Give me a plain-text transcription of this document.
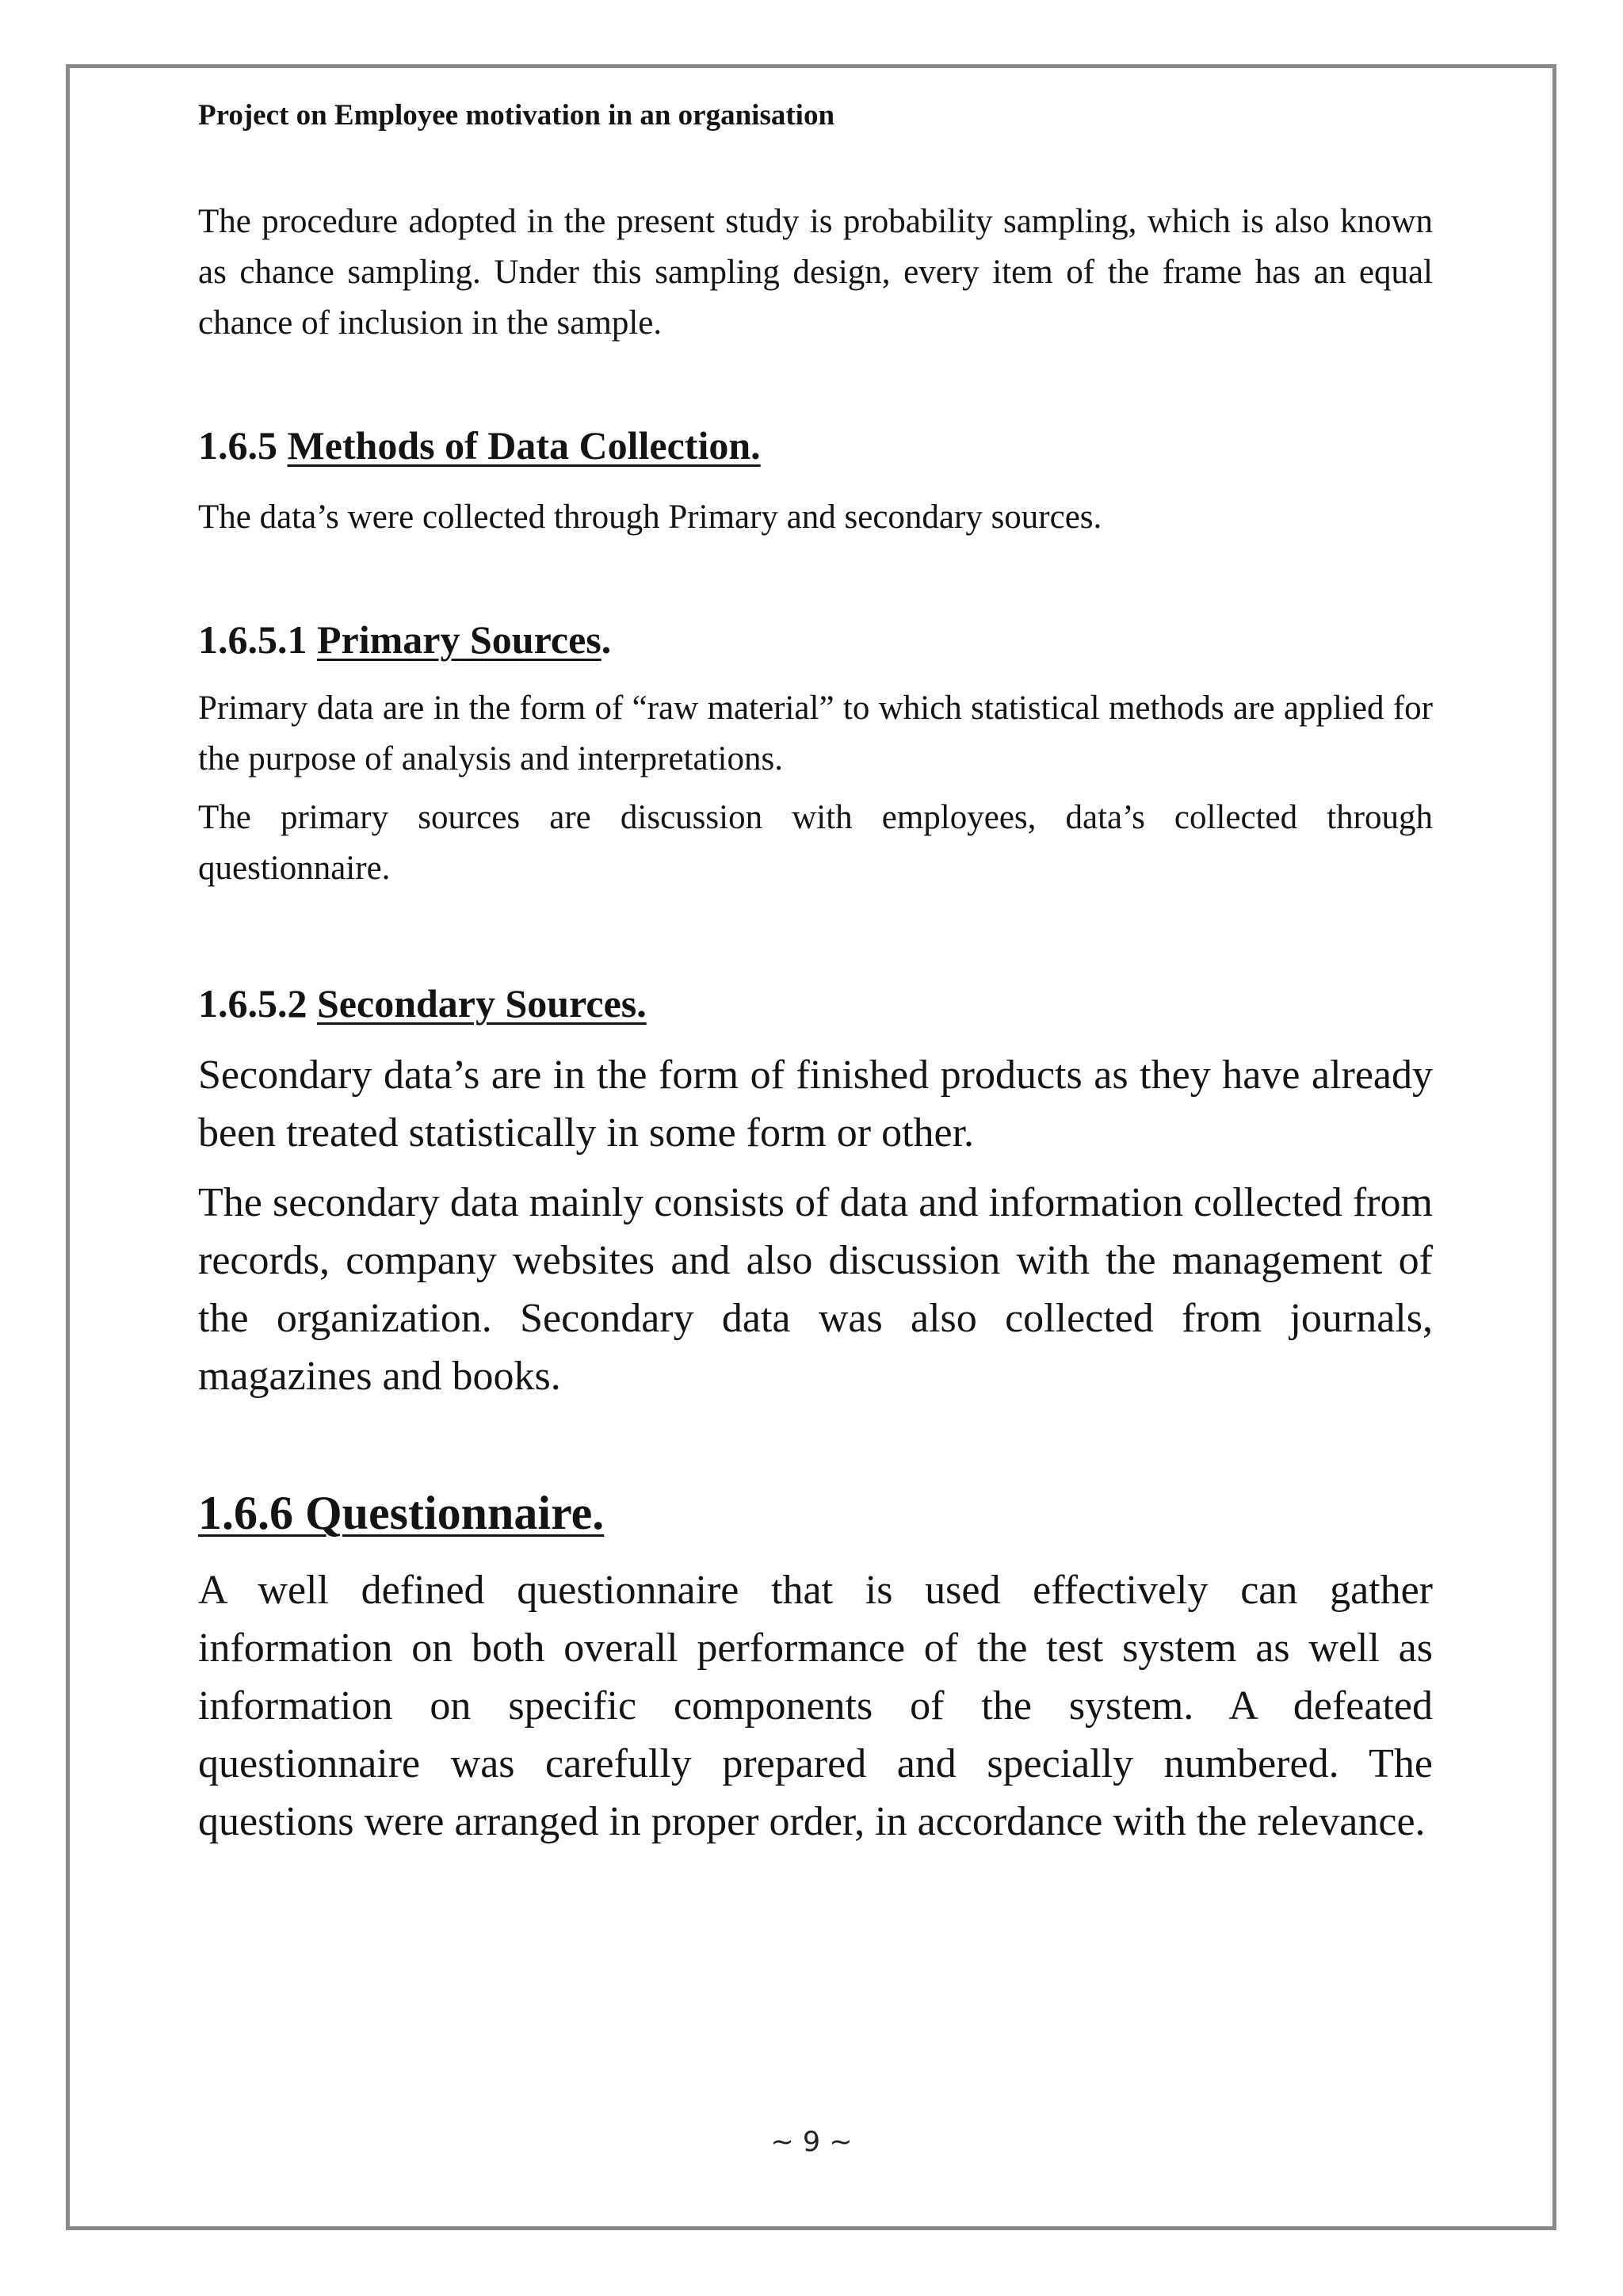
Project on Employee motivation in an organisation

The procedure adopted in the present study is probability sampling, which is also known as chance sampling. Under this sampling design, every item of the frame has an equal chance of inclusion in the sample.

1.6.5 Methods of Data Collection.

The data’s were collected through Primary and secondary sources.

1.6.5.1 Primary Sources.

Primary data are in the form of “raw material” to which statistical methods are applied for the purpose of analysis and interpretations.

The primary sources are discussion with employees, data’s collected through questionnaire.

1.6.5.2 Secondary Sources.

Secondary data’s are in the form of finished products as they have already been treated statistically in some form or other.

The secondary data mainly consists of data and information collected from records, company websites and also discussion with the management of the organization. Secondary data was also collected from journals, magazines and books.

1.6.6 Questionnaire.

A well defined questionnaire that is used effectively can gather information on both overall performance of the test system as well as information on specific components of the system. A defeated questionnaire was carefully prepared and specially numbered. The questions were arranged in proper order, in accordance with the relevance.

~ 9 ~
